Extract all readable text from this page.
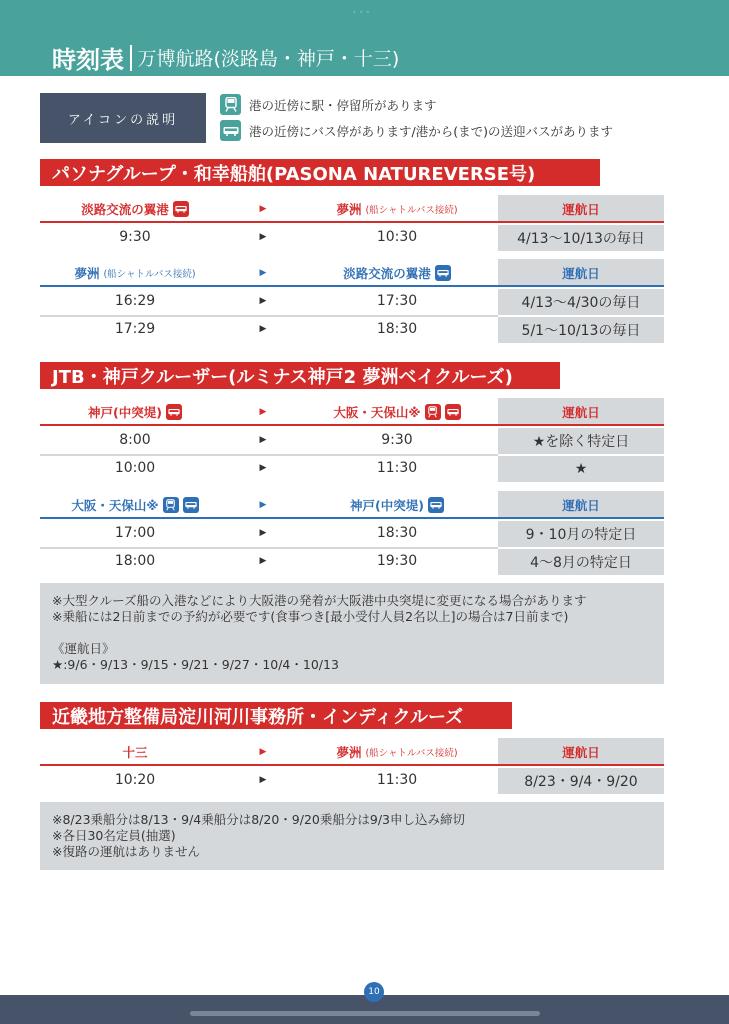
•••
時刻表 万博航路(淡路島・神戸・十三)
アイコンの説明
港の近傍に駅・停留所があります
港の近傍にバス停があります/港から(まで)の送迎バスがあります
パソナグループ・和幸船舶(PASONA NATUREVERSE号)
淡路交流の翼港	▶	夢洲 (船シャトルバス接続)	運航日
9:30	▶	10:30	4/13〜10/13の毎日
夢洲 (船シャトルバス接続)	▶	淡路交流の翼港	運航日
16:29	▶	17:30	4/13〜4/30の毎日
17:29	▶	18:30	5/1〜10/13の毎日
JTB・神戸クルーザー(ルミナス神戸2 夢洲ベイクルーズ)
神戸(中突堤)	▶	大阪・天保山※	運航日
8:00	▶	9:30	★を除く特定日
10:00	▶	11:30	★
大阪・天保山※	▶	神戸(中突堤)	運航日
17:00	▶	18:30	9・10月の特定日
18:00	▶	19:30	4〜8月の特定日
※大型クルーズ船の入港などにより大阪港の発着が大阪港中央突堤に変更になる場合があります
※乗船には2日前までの予約が必要です(食事つき[最小受付人員2名以上]の場合は7日前まで)
《運航日》
★:9/6・9/13・9/15・9/21・9/27・10/4・10/13
近畿地方整備局淀川河川事務所・インディクルーズ
十三	▶	夢洲 (船シャトルバス接続)	運航日
10:20	▶	11:30	8/23・9/4・9/20
※8/23乗船分は8/13・9/4乗船分は8/20・9/20乗船分は9/3申し込み締切
※各日30名定員(抽選)
※復路の運航はありません
10
